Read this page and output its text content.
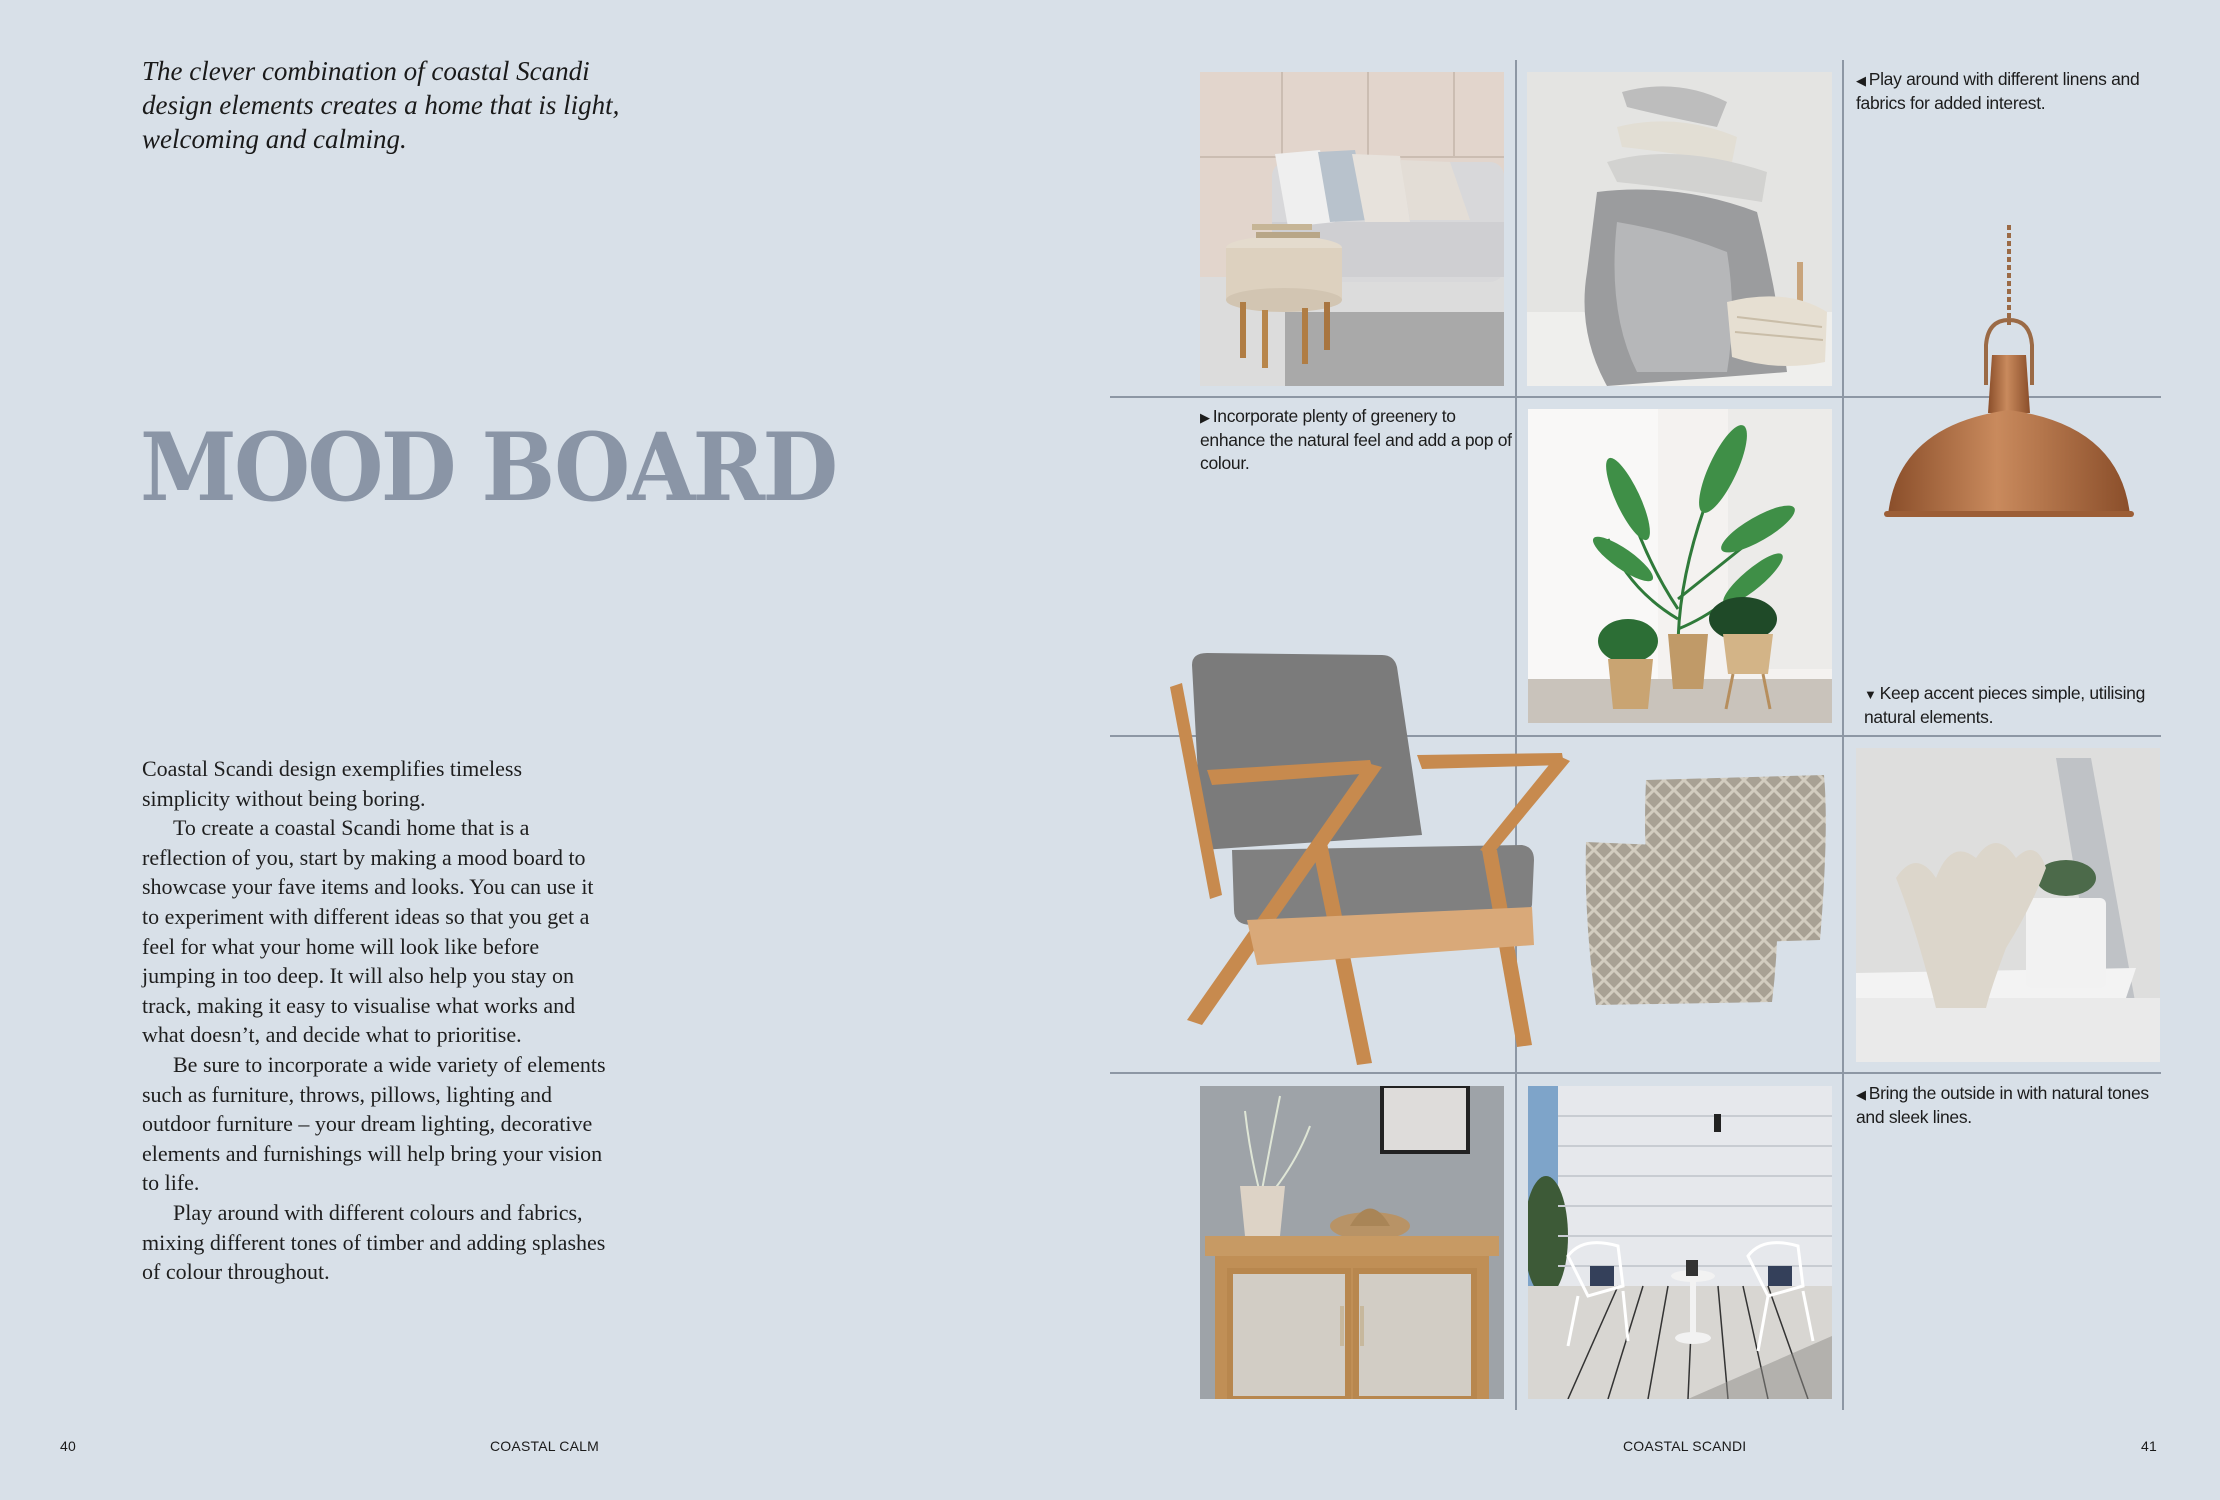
The clever combination of coastal Scandi design elements creates a home that is light, welcoming and calming.
MOOD BOARD

Coastal Scandi design exemplifies timeless simplicity without being boring.

To create a coastal Scandi home that is a reflection of you, start by making a mood board to showcase your fave items and looks. You can use it to experiment with different ideas so that you get a feel for what your home will look like before jumping in too deep. It will also help you stay on track, making it easy to visualise what works and what doesn’t, and decide what to prioritise.

Be sure to incorporate a wide variety of elements such as furniture, throws, pillows, lighting and outdoor furniture – your dream lighting, decorative elements and furnishings will help bring your vision to life.

Play around with different colours and fabrics, mixing different tones of timber and adding splashes of colour throughout.

40	COASTAL CALM
◀ Play around with different linens and fabrics for added interest.
▶ Incorporate plenty of greenery to enhance the natural feel and add a pop of colour.
▼ Keep accent pieces simple, utilising natural elements.
◀ Bring the outside in with natural tones and sleek lines.
COASTAL SCANDI	41
